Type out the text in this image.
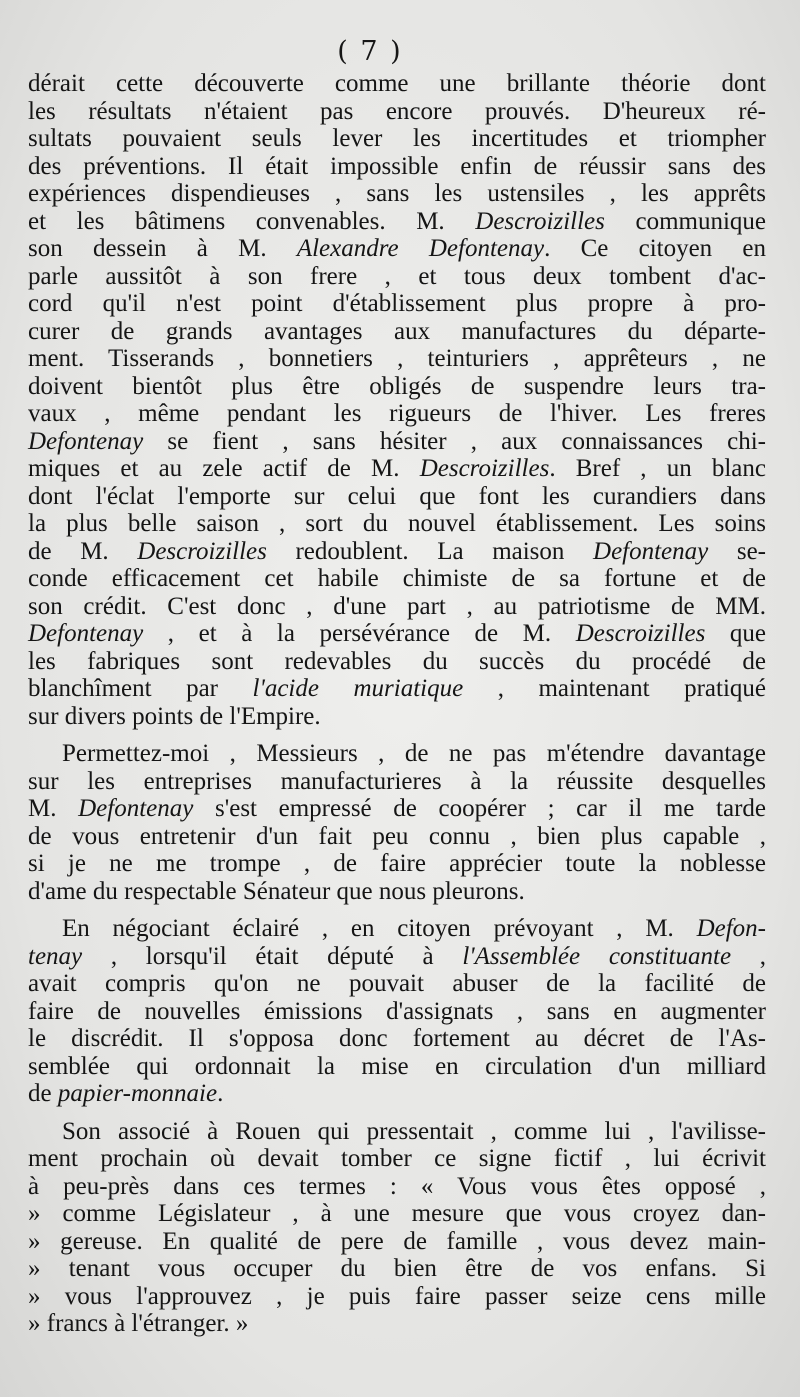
( 7 )
dérait cette découverte comme une brillante théorie dont
les résultats n'étaient pas encore prouvés. D'heureux ré-
sultats pouvaient seuls lever les incertitudes et triompher
des préventions. Il était impossible enfin de réussir sans des
expériences dispendieuses , sans les ustensiles , les apprêts
et les bâtimens convenables. M. Descroizilles communique
son dessein à M. Alexandre Defontenay. Ce citoyen en
parle aussitôt à son frere , et tous deux tombent d'ac-
cord qu'il n'est point d'établissement plus propre à pro-
curer de grands avantages aux manufactures du départe-
ment. Tisserands , bonnetiers , teinturiers , apprêteurs , ne
doivent bientôt plus être obligés de suspendre leurs tra-
vaux , même pendant les rigueurs de l'hiver. Les freres
Defontenay se fient , sans hésiter , aux connaissances chi-
miques et au zele actif de M. Descroizilles. Bref , un blanc
dont l'éclat l'emporte sur celui que font les curandiers dans
la plus belle saison , sort du nouvel établissement. Les soins
de M. Descroizilles redoublent. La maison Defontenay se-
conde efficacement cet habile chimiste de sa fortune et de
son crédit. C'est donc , d'une part , au patriotisme de MM.
Defontenay , et à la persévérance de M. Descroizilles que
les fabriques sont redevables du succès du procédé de
blanchîment par l'acide muriatique , maintenant pratiqué
sur divers points de l'Empire.
Permettez-moi , Messieurs , de ne pas m'étendre davantage
sur les entreprises manufacturieres à la réussite desquelles
M. Defontenay s'est empressé de coopérer ; car il me tarde
de vous entretenir d'un fait peu connu , bien plus capable ,
si je ne me trompe , de faire apprécier toute la noblesse
d'ame du respectable Sénateur que nous pleurons.
En négociant éclairé , en citoyen prévoyant , M. Defon-
tenay , lorsqu'il était député à l'Assemblée constituante ,
avait compris qu'on ne pouvait abuser de la facilité de
faire de nouvelles émissions d'assignats , sans en augmenter
le discrédit. Il s'opposa donc fortement au décret de l'As-
semblée qui ordonnait la mise en circulation d'un milliard
de papier-monnaie.
Son associé à Rouen qui pressentait , comme lui , l'avilisse-
ment prochain où devait tomber ce signe fictif , lui écrivit
à peu-près dans ces termes : « Vous vous êtes opposé ,
» comme Législateur , à une mesure que vous croyez dan-
» gereuse. En qualité de pere de famille , vous devez main-
» tenant vous occuper du bien être de vos enfans. Si
» vous l'approuvez , je puis faire passer seize cens mille
» francs à l'étranger. »
